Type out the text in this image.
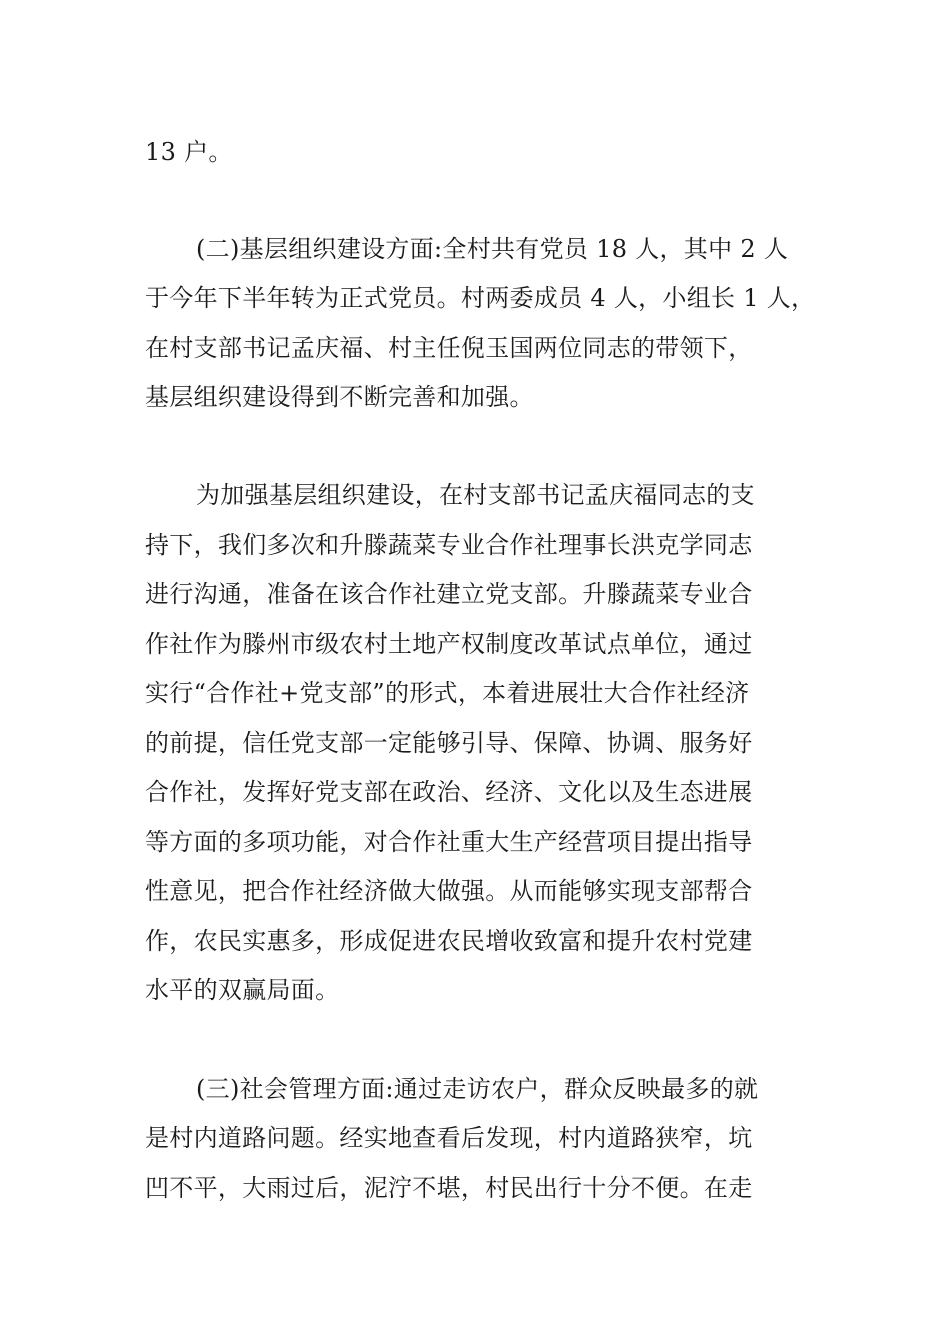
13 户。
(二)基层组织建设方面:全村共有党员 18 人，其中 2 人
于今年下半年转为正式党员。村两委成员 4 人，小组长 1 人，
在村支部书记孟庆福、村主任倪玉国两位同志的带领下，
基层组织建设得到不断完善和加强。
为加强基层组织建设，在村支部书记孟庆福同志的支
持下，我们多次和升滕蔬菜专业合作社理事长洪克学同志
进行沟通，准备在该合作社建立党支部。升滕蔬菜专业合
作社作为滕州市级农村土地产权制度改革试点单位，通过
实行“合作社+党支部”的形式，本着进展壮大合作社经济
的前提，信任党支部一定能够引导、保障、协调、服务好
合作社，发挥好党支部在政治、经济、文化以及生态进展
等方面的多项功能，对合作社重大生产经营项目提出指导
性意见，把合作社经济做大做强。从而能够实现支部帮合
作，农民实惠多，形成促进农民增收致富和提升农村党建
水平的双赢局面。
(三)社会管理方面:通过走访农户，群众反映最多的就
是村内道路问题。经实地查看后发现，村内道路狭窄，坑
凹不平，大雨过后，泥泞不堪，村民出行十分不便。在走
